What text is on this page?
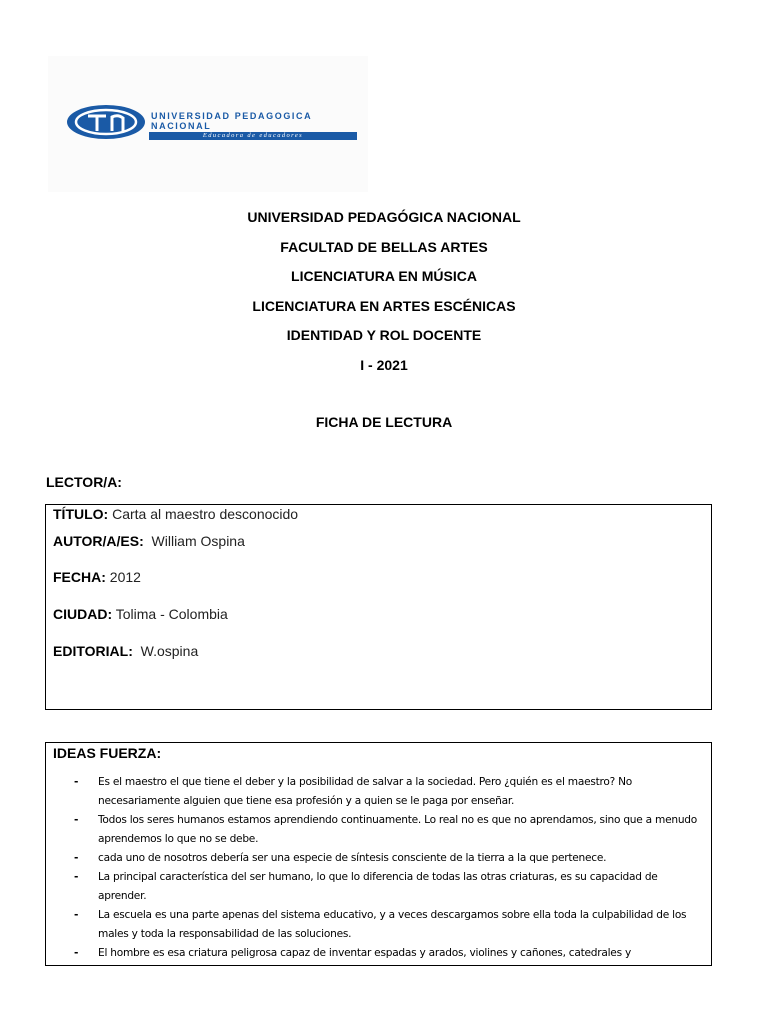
UNIVERSIDAD PEDAGOGICA
NACIONAL
Educadora de educadores
UNIVERSIDAD PEDAGÓGICA NACIONAL
FACULTAD DE BELLAS ARTES
LICENCIATURA EN MÚSICA
LICENCIATURA EN ARTES ESCÉNICAS
IDENTIDAD Y ROL DOCENTE
I - 2021
FICHA DE LECTURA
LECTOR/A:
TÍTULO: Carta al maestro desconocido
AUTOR/A/ES: William Ospina
FECHA: 2012
CIUDAD: Tolima - Colombia
EDITORIAL: W.ospina
IDEAS FUERZA:
- Es el maestro el que tiene el deber y la posibilidad de salvar a la sociedad. Pero ¿quién es el maestro? No necesariamente alguien que tiene esa profesión y a quien se le paga por enseñar.
- Todos los seres humanos estamos aprendiendo continuamente. Lo real no es que no aprendamos, sino que a menudo aprendemos lo que no se debe.
- cada uno de nosotros debería ser una especie de síntesis consciente de la tierra a la que pertenece.
- La principal característica del ser humano, lo que lo diferencia de todas las otras criaturas, es su capacidad de aprender.
- La escuela es una parte apenas del sistema educativo, y a veces descargamos sobre ella toda la culpabilidad de los males y toda la responsabilidad de las soluciones.
- El hombre es esa criatura peligrosa capaz de inventar espadas y arados, violines y cañones, catedrales y
